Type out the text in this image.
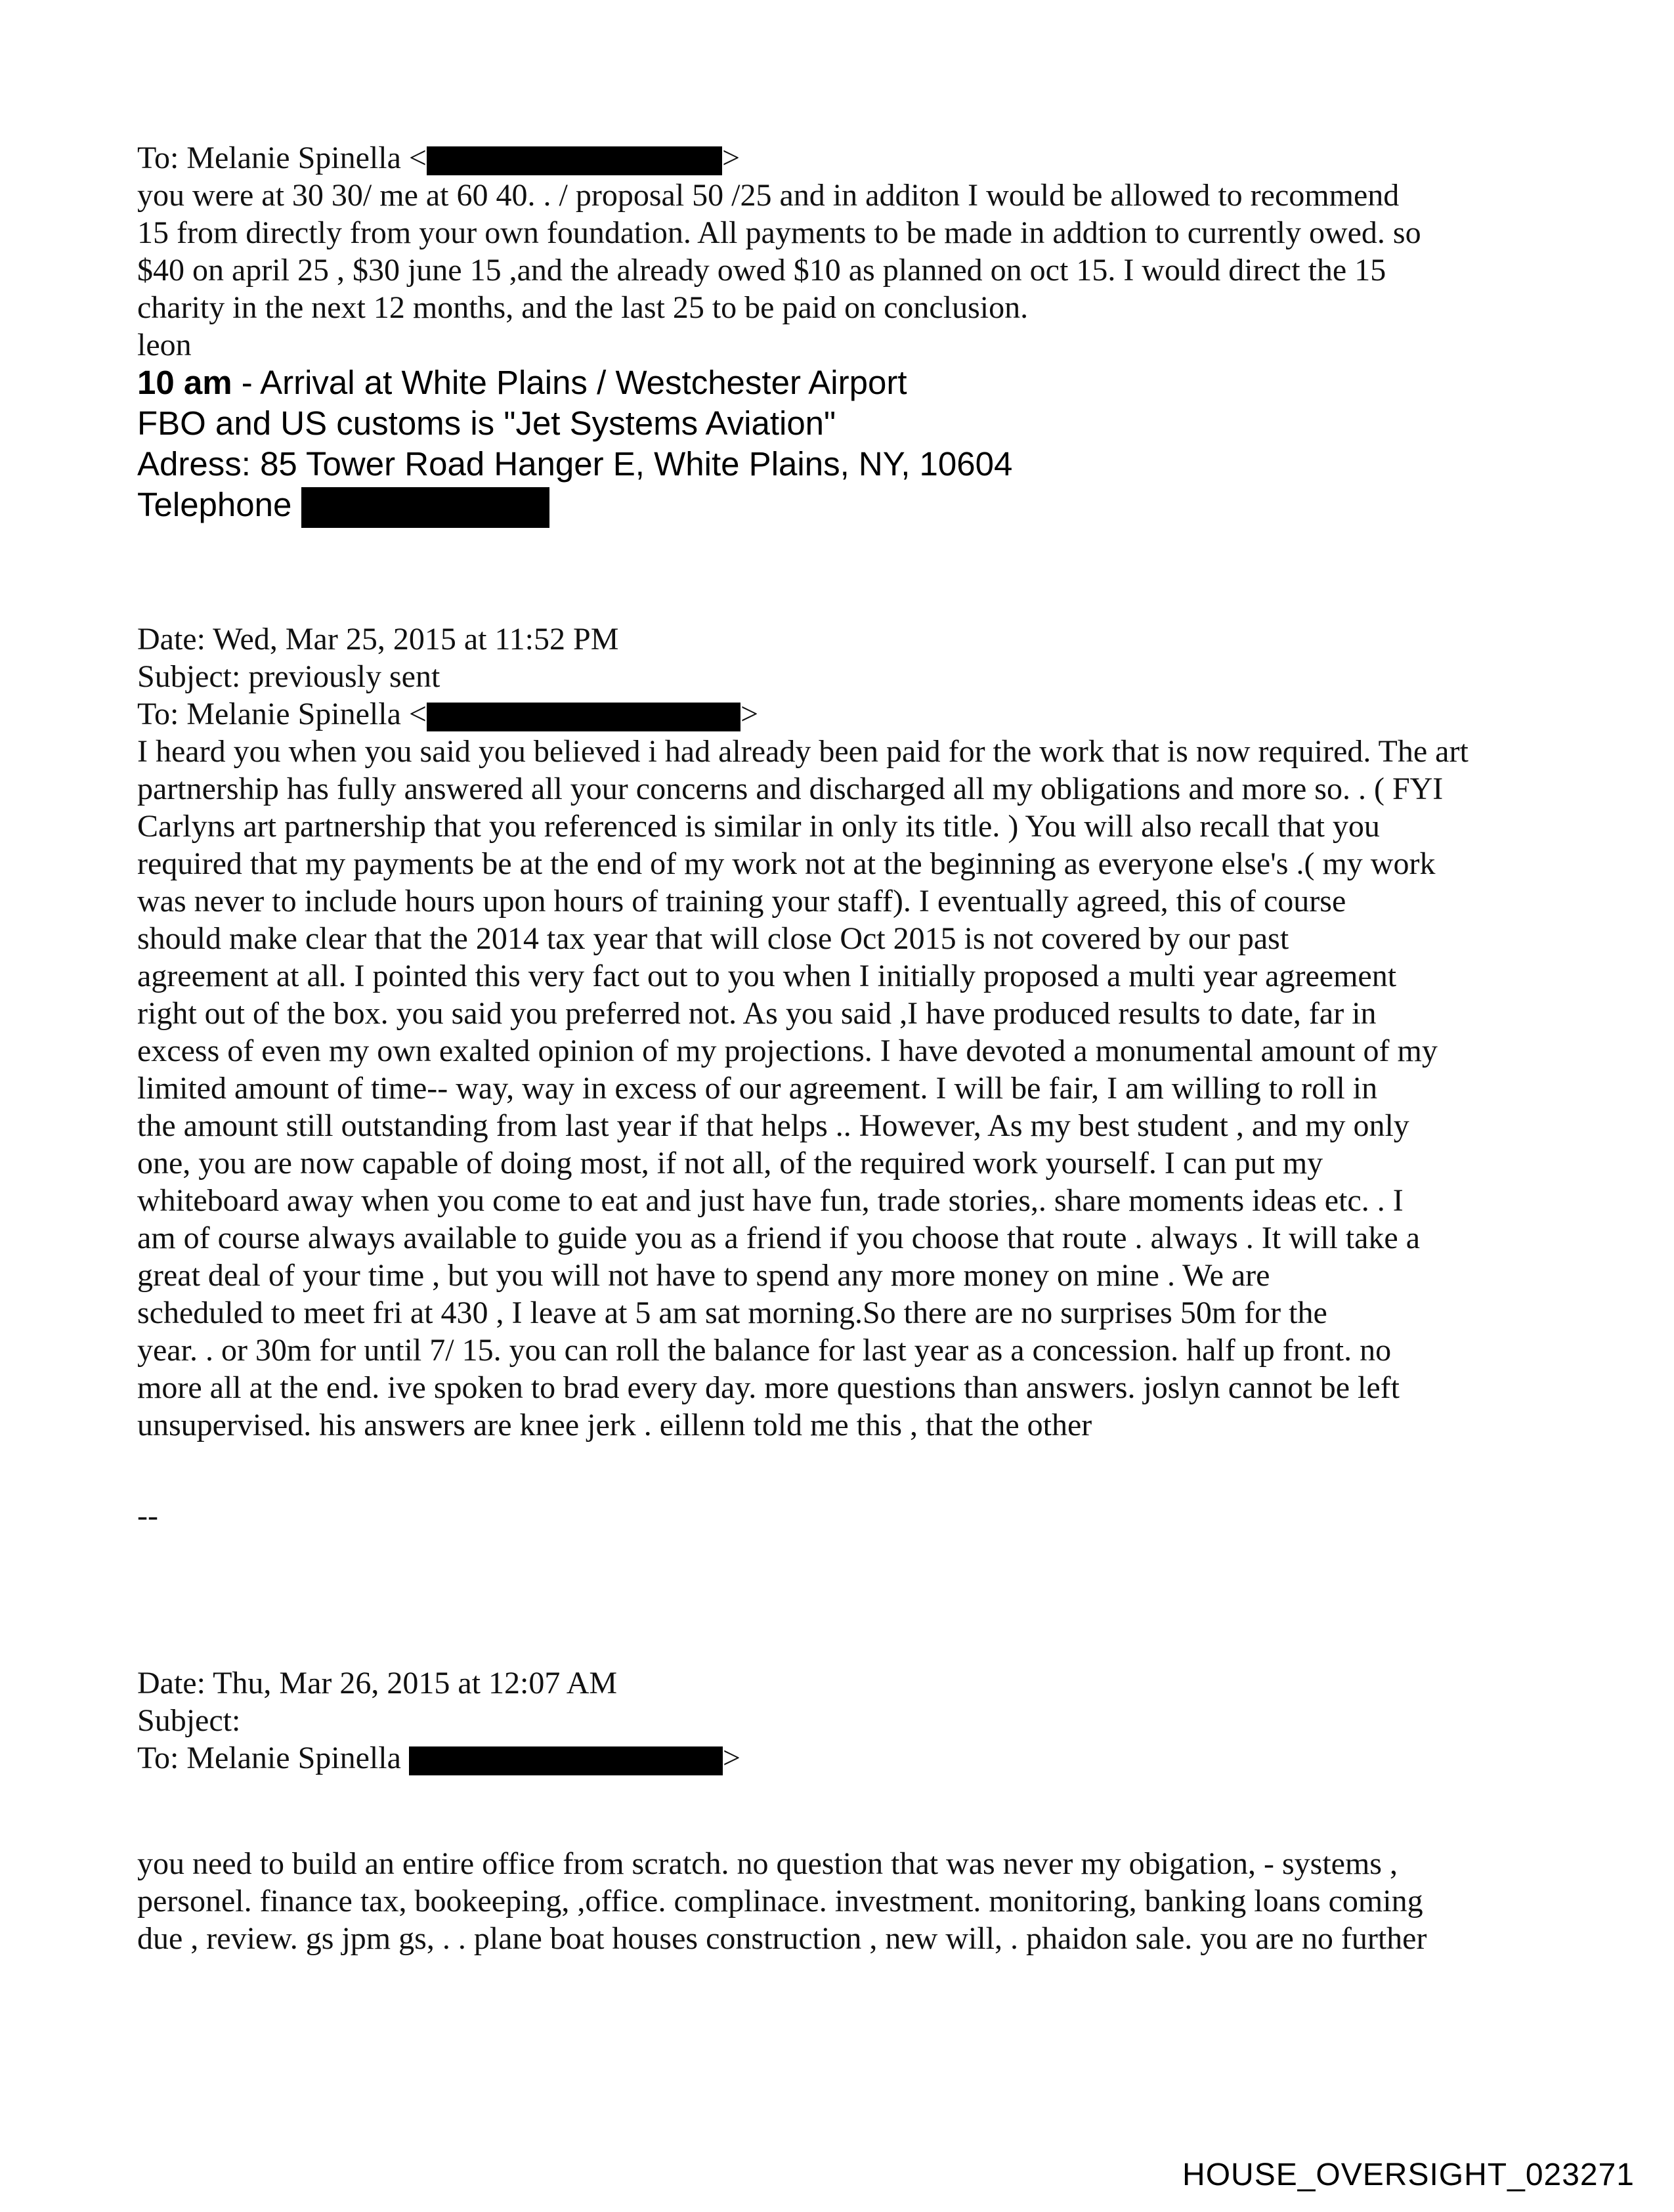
To: Melanie Spinella <	>
you were at 30 30/ me at 60 40. . / proposal 50 /25 and in additon I would be allowed to recommend
15 from directly from your own foundation. All payments to be made in addtion to currently owed. so
$40 on april 25 , $30 june 15 ,and the already owed $10 as planned on oct 15. I would direct the 15
charity in the next 12 months, and the last 25 to be paid on conclusion.
leon
10 am - Arrival at White Plains / Westchester Airport
FBO and US customs is "Jet Systems Aviation"
Adress: 85 Tower Road Hanger E, White Plains, NY, 10604
Telephone
Date: Wed, Mar 25, 2015 at 11:52 PM
Subject: previously sent
To: Melanie Spinella <	>
I heard you when you said you believed i had already been paid for the work that is now required. The art
partnership has fully answered all your concerns and discharged all my obligations and more so. . ( FYI
Carlyns art partnership that you referenced is similar in only its title. ) You will also recall that you
required that my payments be at the end of my work not at the beginning as everyone else's .( my work
was never to include hours upon hours of training your staff). I eventually agreed, this of course
should make clear that the 2014 tax year that will close Oct 2015 is not covered by our past
agreement at all. I pointed this very fact out to you when I initially proposed a multi year agreement
right out of the box. you said you preferred not. As you said ,I have produced results to date, far in
excess of even my own exalted opinion of my projections. I have devoted a monumental amount of my
limited amount of time-- way, way in excess of our agreement. I will be fair, I am willing to roll in
the amount still outstanding from last year if that helps .. However, As my best student , and my only
one, you are now capable of doing most, if not all, of the required work yourself. I can put my
whiteboard away when you come to eat and just have fun, trade stories,. share moments ideas etc. . I
am of course always available to guide you as a friend if you choose that route . always . It will take a
great deal of your time , but you will not have to spend any more money on mine . We are
scheduled to meet fri at 430 , I leave at 5 am sat morning.So there are no surprises 50m for the
year. . or 30m for until 7/ 15. you can roll the balance for last year as a concession. half up front. no
more all at the end. ive spoken to brad every day. more questions than answers. joslyn cannot be left
unsupervised. his answers are knee jerk . eillenn told me this , that the other
--
Date: Thu, Mar 26, 2015 at 12:07 AM
Subject:
To: Melanie Spinella	>
you need to build an entire office from scratch. no question that was never my obigation, - systems ,
personel. finance tax, bookeeping, ,office. complinace. investment. monitoring, banking loans coming
due , review. gs jpm gs, . . plane boat houses construction , new will, . phaidon sale. you are no further
HOUSE_OVERSIGHT_023271
